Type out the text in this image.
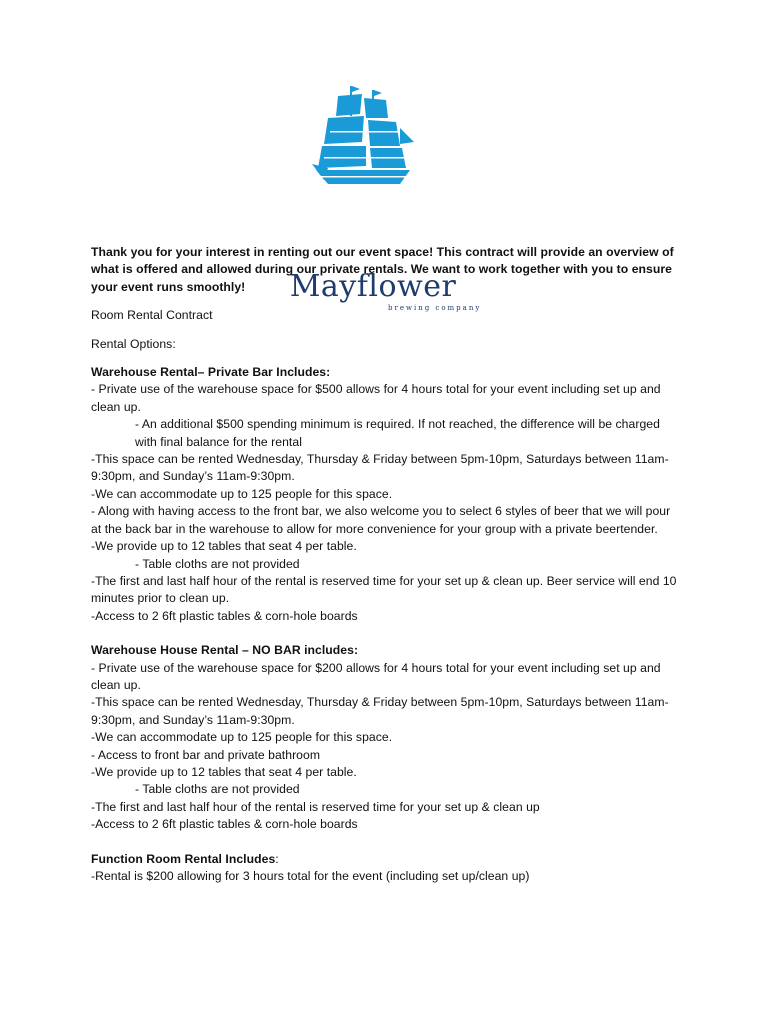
Mayflower
brewing company

Thank you for your interest in renting out our event space! This contract will provide an overview of what is offered and allowed during our private rentals. We want to work together with you to ensure your event runs smoothly!

Room Rental Contract

Rental Options:

Warehouse Rental– Private Bar Includes:

- Private use of the warehouse space for $500 allows for 4 hours total for your event including set up and clean up.

- An additional $500 spending minimum is required. If not reached, the difference will be charged with final balance for the rental

-This space can be rented Wednesday, Thursday & Friday between 5pm-10pm, Saturdays between 11am-9:30pm, and Sunday’s 11am-9:30pm.

-We can accommodate up to 125 people for this space.

- Along with having access to the front bar, we also welcome you to select 6 styles of beer that we will pour at the back bar in the warehouse to allow for more convenience for your group with a private beertender.

-We provide up to 12 tables that seat 4 per table.

- Table cloths are not provided

-The first and last half hour of the rental is reserved time for your set up & clean up. Beer service will end 10 minutes prior to clean up.

-Access to 2 6ft plastic tables & corn-hole boards

Warehouse House Rental – NO BAR includes:

- Private use of the warehouse space for $200 allows for 4 hours total for your event including set up and clean up.

-This space can be rented Wednesday, Thursday & Friday between 5pm-10pm, Saturdays between 11am-9:30pm, and Sunday’s 11am-9:30pm.

-We can accommodate up to 125 people for this space.

- Access to front bar and private bathroom

-We provide up to 12 tables that seat 4 per table.

- Table cloths are not provided

-The first and last half hour of the rental is reserved time for your set up & clean up

-Access to 2 6ft plastic tables & corn-hole boards

Function Room Rental Includes:

-Rental is $200 allowing for 3 hours total for the event (including set up/clean up)
